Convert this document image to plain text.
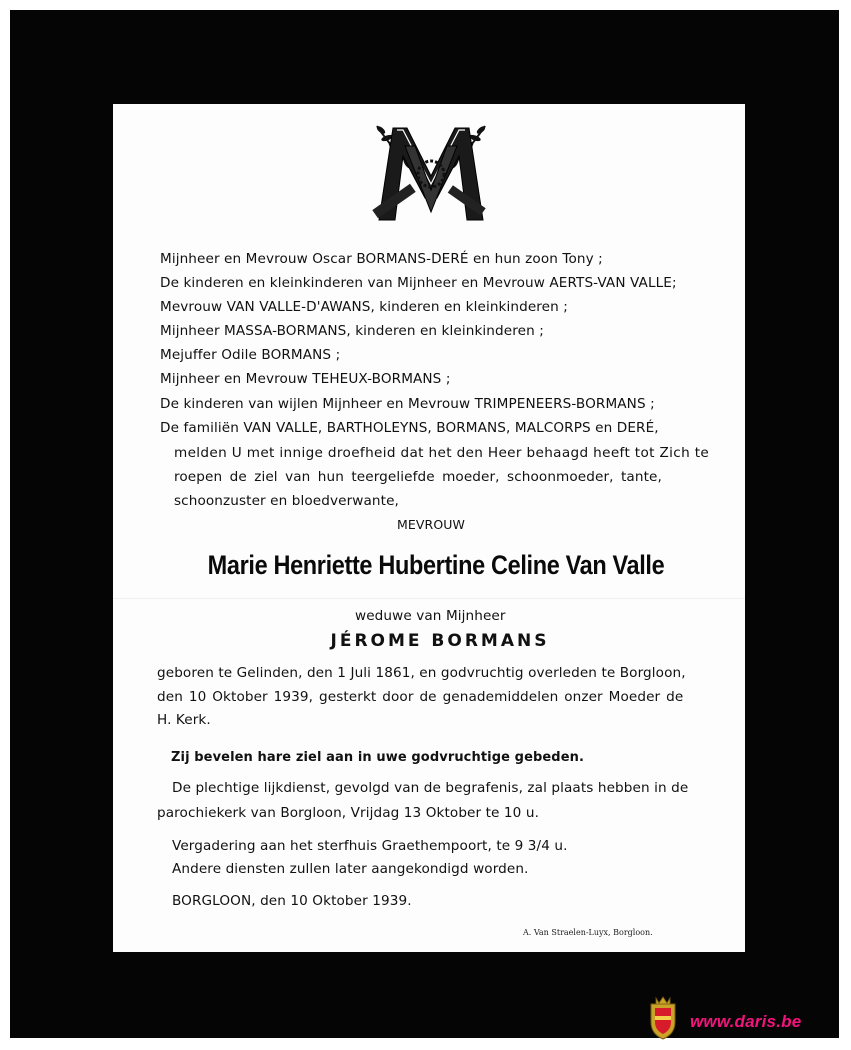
Mijnheer en Mevrouw Oscar BORMANS-DERÉ en hun zoon Tony ;
De kinderen en kleinkinderen van Mijnheer en Mevrouw AERTS-VAN VALLE;
Mevrouw VAN VALLE-D'AWANS, kinderen en kleinkinderen ;
Mijnheer MASSA-BORMANS, kinderen en kleinkinderen ;
Mejuffer Odile BORMANS ;
Mijnheer en Mevrouw TEHEUX-BORMANS ;
De kinderen van wijlen Mijnheer en Mevrouw TRIMPENEERS-BORMANS ;
De familiën VAN VALLE, BARTHOLEYNS, BORMANS, MALCORPS en DERÉ,
melden U met innige droefheid dat het den Heer behaagd heeft tot Zich te
roepen de ziel van hun teergeliefde moeder, schoonmoeder, tante,
schoonzuster en bloedverwante,
MEVROUW
Marie Henriette Hubertine Celine Van Valle
weduwe van Mijnheer
JÉROME BORMANS
geboren te Gelinden, den 1 Juli 1861, en godvruchtig overleden te Borgloon,
den 10 Oktober 1939, gesterkt door de genademiddelen onzer Moeder de
H. Kerk.
Zij bevelen hare ziel aan in uwe godvruchtige gebeden.
De plechtige lijkdienst, gevolgd van de begrafenis, zal plaats hebben in de
parochiekerk van Borgloon, Vrijdag 13 Oktober te 10 u.
Vergadering aan het sterfhuis Graethempoort, te 9 3/4 u.
Andere diensten zullen later aangekondigd worden.
BORGLOON, den 10 Oktober 1939.
A. Van Straelen-Luyx, Borgloon.
www.daris.be
